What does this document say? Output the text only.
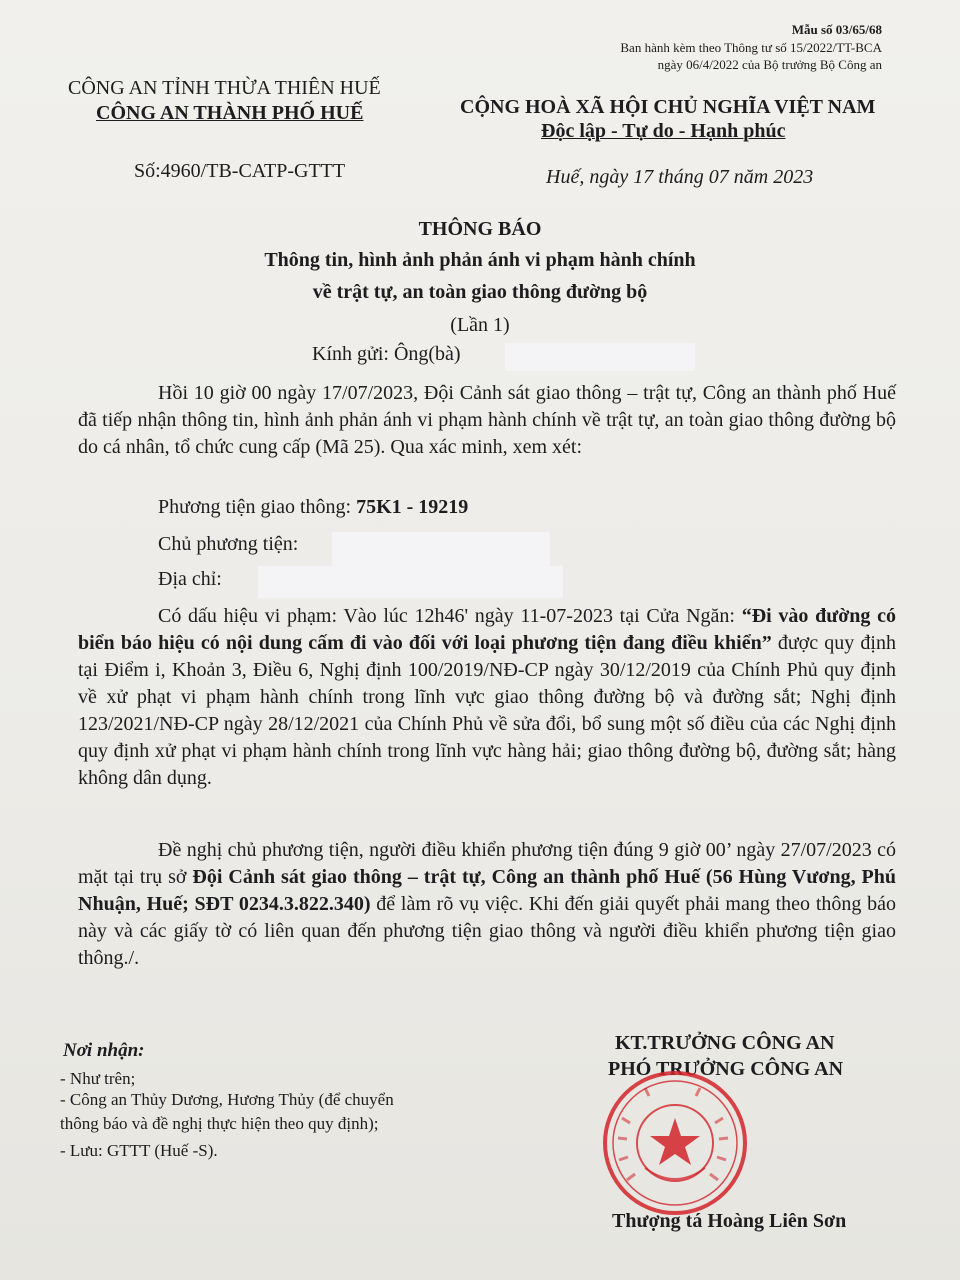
Mẫu số 03/65/68
Ban hành kèm theo Thông tư số 15/2022/TT-BCA
ngày 06/4/2022 của Bộ trưởng Bộ Công an
CÔNG AN TỈNH THỪA THIÊN HUẾ
CÔNG AN THÀNH PHỐ HUẾ
Số:4960/TB-CATP-GTTT
CỘNG HOÀ XÃ HỘI CHỦ NGHĨA VIỆT NAM
Độc lập - Tự do - Hạnh phúc
Huế, ngày 17 tháng 07 năm 2023
THÔNG BÁO
Thông tin, hình ảnh phản ánh vi phạm hành chính
về trật tự, an toàn giao thông đường bộ
(Lần 1)
Kính gửi: Ông(bà)
Hồi 10 giờ 00 ngày 17/07/2023, Đội Cảnh sát giao thông – trật tự, Công an thành phố Huế đã tiếp nhận thông tin, hình ảnh phản ánh vi phạm hành chính về trật tự, an toàn giao thông đường bộ do cá nhân, tổ chức cung cấp (Mã 25). Qua xác minh, xem xét:
Phương tiện giao thông: 75K1 - 19219
Chủ phương tiện:
Địa chỉ:
Có dấu hiệu vi phạm: Vào lúc 12h46' ngày 11-07-2023 tại Cửa Ngăn: “Đi vào đường có biển báo hiệu có nội dung cấm đi vào đối với loại phương tiện đang điều khiển” được quy định tại Điểm i, Khoản 3, Điều 6, Nghị định 100/2019/NĐ-CP ngày 30/12/2019 của Chính Phủ quy định về xử phạt vi phạm hành chính trong lĩnh vực giao thông đường bộ và đường sắt; Nghị định 123/2021/NĐ-CP ngày 28/12/2021 của Chính Phủ về sửa đổi, bổ sung một số điều của các Nghị định quy định xử phạt vi phạm hành chính trong lĩnh vực hàng hải; giao thông đường bộ, đường sắt; hàng không dân dụng.
Đề nghị chủ phương tiện, người điều khiển phương tiện đúng 9 giờ 00’ ngày 27/07/2023 có mặt tại trụ sở Đội Cảnh sát giao thông – trật tự, Công an thành phố Huế (56 Hùng Vương, Phú Nhuận, Huế; SĐT 0234.3.822.340) để làm rõ vụ việc. Khi đến giải quyết phải mang theo thông báo này và các giấy tờ có liên quan đến phương tiện giao thông và người điều khiển phương tiện giao thông./.
Nơi nhận:
- Như trên;
- Công an Thủy Dương, Hương Thủy (để chuyển
thông báo và đề nghị thực hiện theo quy định);
- Lưu: GTTT (Huế -S).
KT.TRƯỞNG CÔNG AN
PHÓ TRƯỞNG CÔNG AN
Thượng tá Hoàng Liên Sơn
